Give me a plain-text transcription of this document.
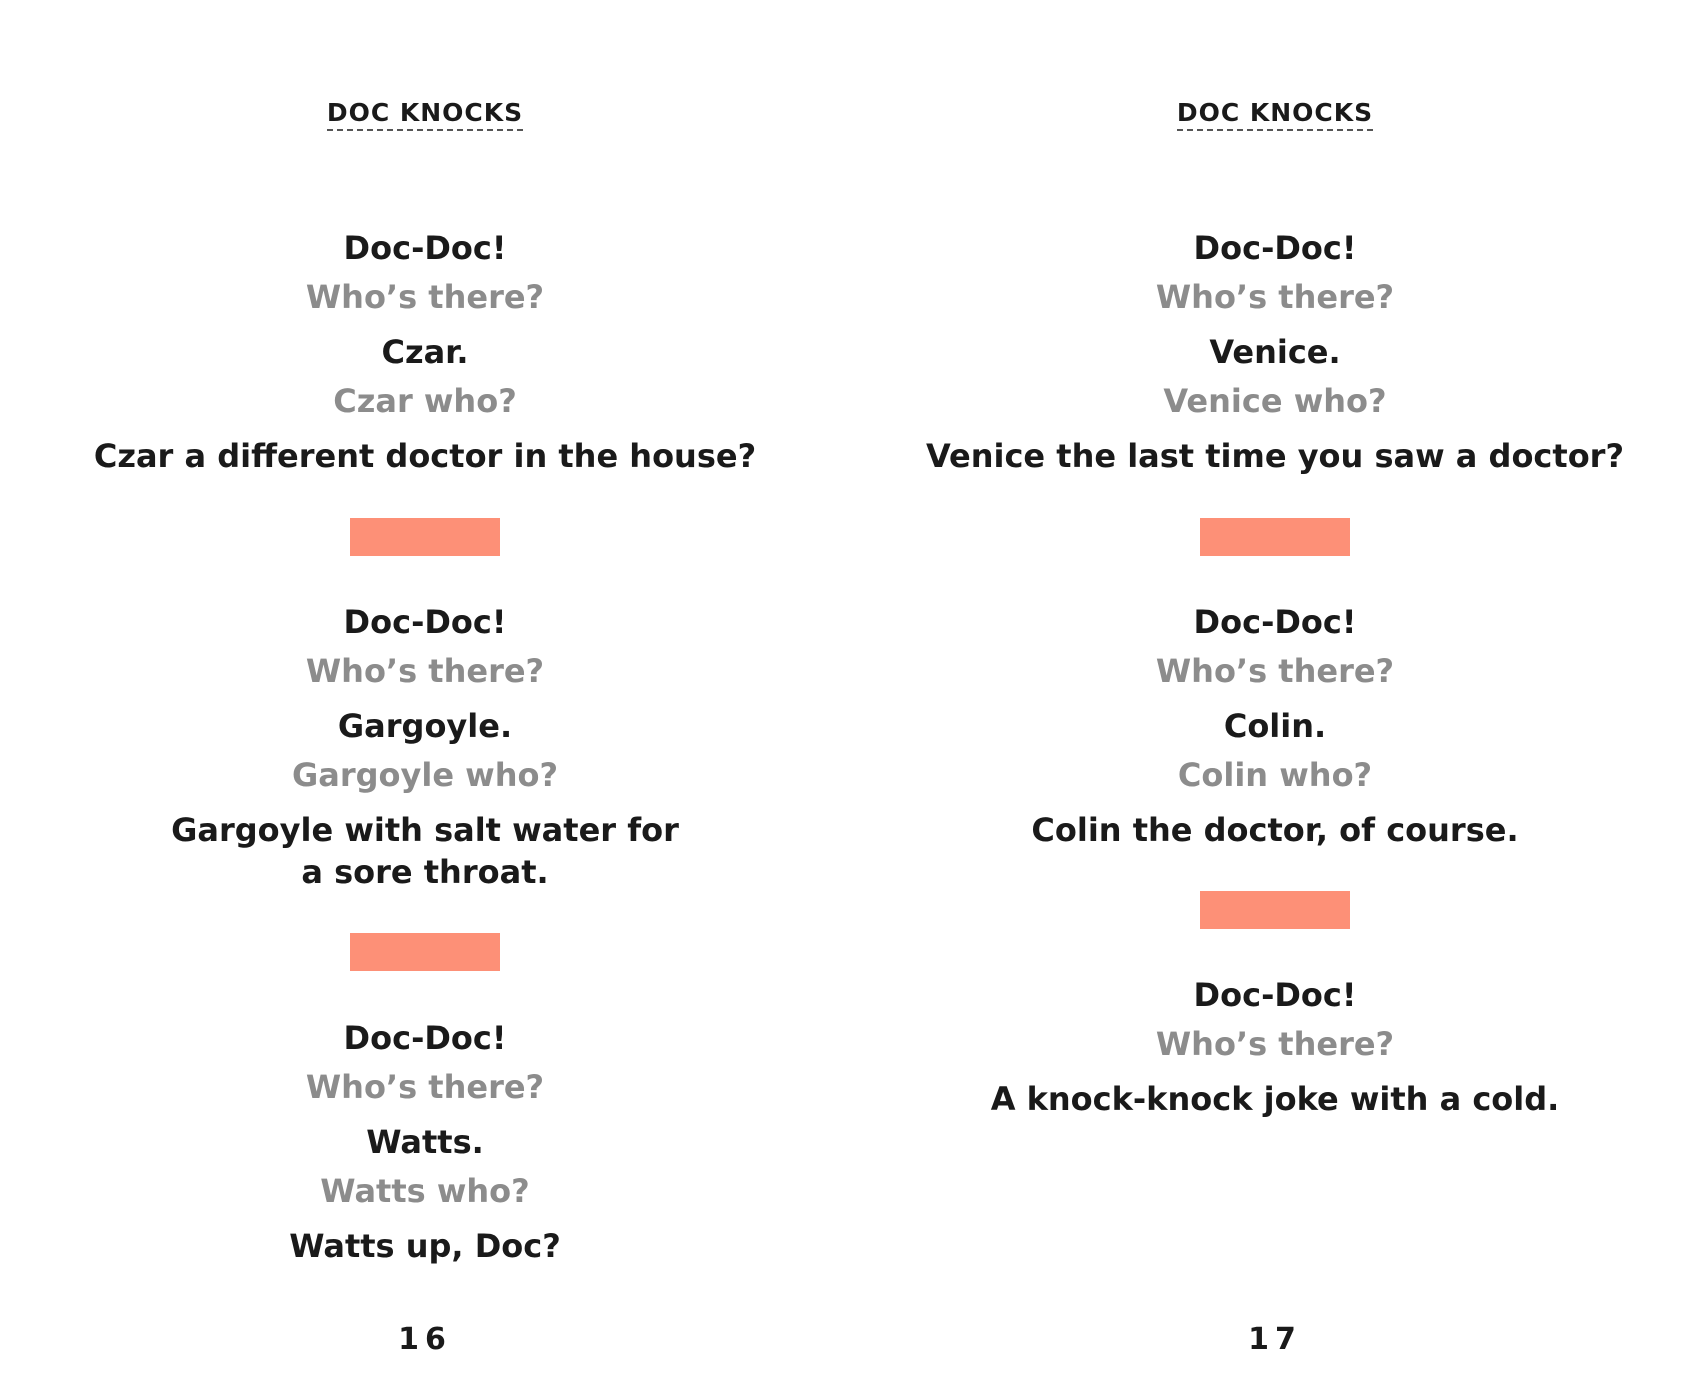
DOC KNOCKS
Doc-Doc!
Who’s there?
Czar.
Czar who?
Czar a different doctor in the house?
Doc-Doc!
Who’s there?
Gargoyle.
Gargoyle who?
Gargoyle with salt water for
a sore throat.
Doc-Doc!
Who’s there?
Watts.
Watts who?
Watts up, Doc?
16
DOC KNOCKS
Doc-Doc!
Who’s there?
Venice.
Venice who?
Venice the last time you saw a doctor?
Doc-Doc!
Who’s there?
Colin.
Colin who?
Colin the doctor, of course.
Doc-Doc!
Who’s there?
A knock-knock joke with a cold.
17
